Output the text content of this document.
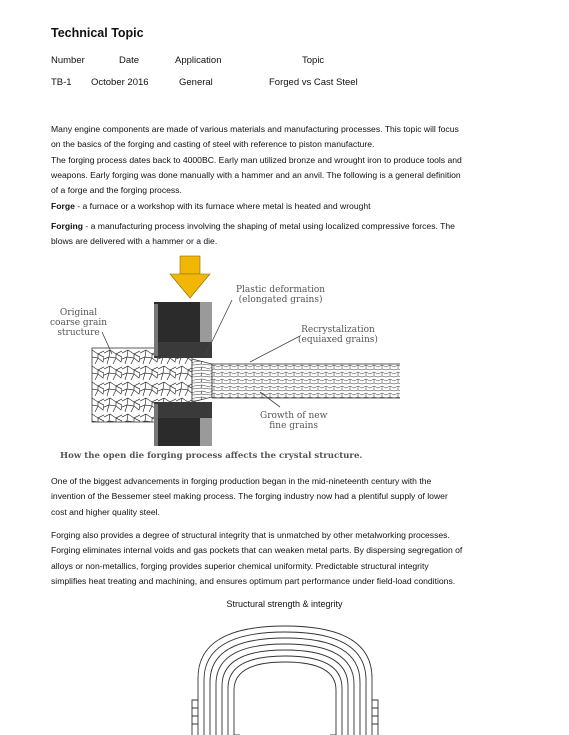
Technical Topic
Number	Date	Application	Topic
TB-1 October 2016	General	Forged vs Cast Steel
Many engine components are made of various materials and manufacturing processes. This topic will focus
on the basics of the forging and casting of steel with reference to piston manufacture.
The forging process dates back to 4000BC. Early man utilized bronze and wrought iron to produce tools and
weapons. Early forging was done manually with a hammer and an anvil. The following is a general definition
of a forge and the forging process.
Forge - a furnace or a workshop with its furnace where metal is heated and wrought
Forging - a manufacturing process involving the shaping of metal using localized compressive forces. The
blows are delivered with a hammer or a die.
Plastic deformation
(elongated grains)
Original
coarse grain
structure	Recrystalization
(equiaxed grains)
Growth of new
fine grains
How the open die forging process affects the crystal structure.
One of the biggest advancements in forging production began in the mid-nineteenth century with the
invention of the Bessemer steel making process. The forging industry now had a plentiful supply of lower
cost and higher quality steel.
Forging also provides a degree of structural integrity that is unmatched by other metalworking processes.
Forging eliminates internal voids and gas pockets that can weaken metal parts. By dispersing segregation of
alloys or non-metallics, forging provides superior chemical uniformity. Predictable structural integrity
simplifies heat treating and machining, and ensures optimum part performance under field-load conditions.
Structural strength & integrity
